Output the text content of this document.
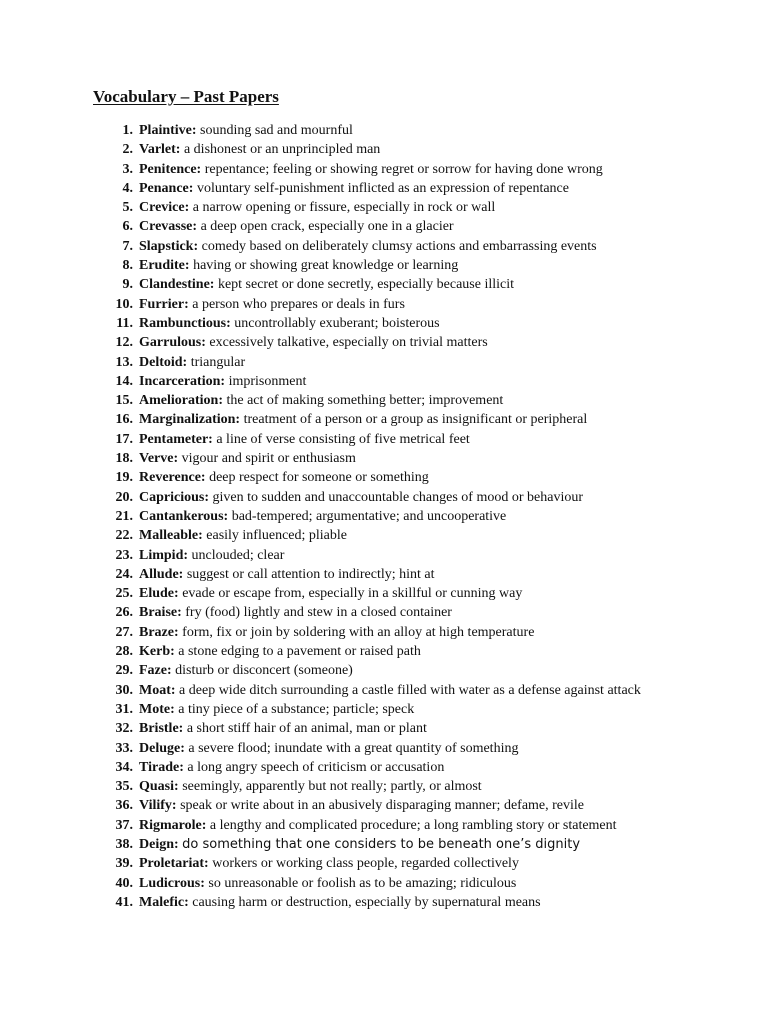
Vocabulary – Past Papers
1. Plaintive: sounding sad and mournful
2. Varlet: a dishonest or an unprincipled man
3. Penitence: repentance; feeling or showing regret or sorrow for having done wrong
4. Penance: voluntary self-punishment inflicted as an expression of repentance
5. Crevice: a narrow opening or fissure, especially in rock or wall
6. Crevasse: a deep open crack, especially one in a glacier
7. Slapstick: comedy based on deliberately clumsy actions and embarrassing events
8. Erudite: having or showing great knowledge or learning
9. Clandestine: kept secret or done secretly, especially because illicit
10. Furrier: a person who prepares or deals in furs
11. Rambunctious: uncontrollably exuberant; boisterous
12. Garrulous: excessively talkative, especially on trivial matters
13. Deltoid: triangular
14. Incarceration: imprisonment
15. Amelioration: the act of making something better; improvement
16. Marginalization: treatment of a person or a group as insignificant or peripheral
17. Pentameter: a line of verse consisting of five metrical feet
18. Verve: vigour and spirit or enthusiasm
19. Reverence: deep respect for someone or something
20. Capricious: given to sudden and unaccountable changes of mood or behaviour
21. Cantankerous: bad-tempered; argumentative; and uncooperative
22. Malleable: easily influenced; pliable
23. Limpid: unclouded; clear
24. Allude: suggest or call attention to indirectly; hint at
25. Elude: evade or escape from, especially in a skillful or cunning way
26. Braise: fry (food) lightly and stew in a closed container
27. Braze: form, fix or join by soldering with an alloy at high temperature
28. Kerb: a stone edging to a pavement or raised path
29. Faze: disturb or disconcert (someone)
30. Moat: a deep wide ditch surrounding a castle filled with water as a defense against attack
31. Mote: a tiny piece of a substance; particle; speck
32. Bristle: a short stiff hair of an animal, man or plant
33. Deluge: a severe flood; inundate with a great quantity of something
34. Tirade: a long angry speech of criticism or accusation
35. Quasi: seemingly, apparently but not really; partly, or almost
36. Vilify: speak or write about in an abusively disparaging manner; defame, revile
37. Rigmarole: a lengthy and complicated procedure; a long rambling story or statement
38. Deign: do something that one considers to be beneath one’s dignity
39. Proletariat: workers or working class people, regarded collectively
40. Ludicrous: so unreasonable or foolish as to be amazing; ridiculous
41. Malefic: causing harm or destruction, especially by supernatural means
